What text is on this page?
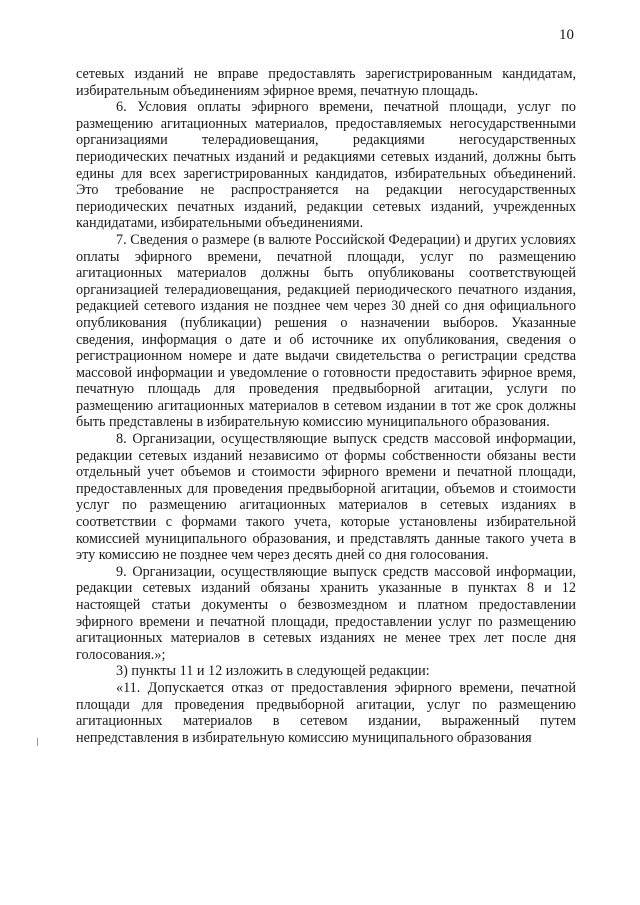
10

сетевых изданий не вправе предоставлять зарегистрированным кандидатам, избирательным объединениям эфирное время, печатную площадь.

6. Условия оплаты эфирного времени, печатной площади, услуг по размещению агитационных материалов, предоставляемых негосударственными организациями телерадиовещания, редакциями негосударственных периодических печатных изданий и редакциями сетевых изданий, должны быть едины для всех зарегистрированных кандидатов, избирательных объединений. Это требование не распространяется на редакции негосударственных периодических печатных изданий, редакции сетевых изданий, учрежденных кандидатами, избирательными объединениями.

7. Сведения о размере (в валюте Российской Федерации) и других условиях оплаты эфирного времени, печатной площади, услуг по размещению агитационных материалов должны быть опубликованы соответствующей организацией телерадиовещания, редакцией периодического печатного издания, редакцией сетевого издания не позднее чем через 30 дней со дня официального опубликования (публикации) решения о назначении выборов. Указанные сведения, информация о дате и об источнике их опубликования, сведения о регистрационном номере и дате выдачи свидетельства о регистрации средства массовой информации и уведомление о готовности предоставить эфирное время, печатную площадь для проведения предвыборной агитации, услуги по размещению агитационных материалов в сетевом издании в тот же срок должны быть представлены в избирательную комиссию муниципального образования.

8. Организации, осуществляющие выпуск средств массовой информации, редакции сетевых изданий независимо от формы собственности обязаны вести отдельный учет объемов и стоимости эфирного времени и печатной площади, предоставленных для проведения предвыборной агитации, объемов и стоимости услуг по размещению агитационных материалов в сетевых изданиях в соответствии с формами такого учета, которые установлены избирательной комиссией муниципального образования, и представлять данные такого учета в эту комиссию не позднее чем через десять дней со дня голосования.

9. Организации, осуществляющие выпуск средств массовой информации, редакции сетевых изданий обязаны хранить указанные в пунктах 8 и 12 настоящей статьи документы о безвозмездном и платном предоставлении эфирного времени и печатной площади, предоставлении услуг по размещению агитационных материалов в сетевых изданиях не менее трех лет после дня голосования.»;

3) пункты 11 и 12 изложить в следующей редакции:

«11. Допускается отказ от предоставления эфирного времени, печатной площади для проведения предвыборной агитации, услуг по размещению агитационных материалов в сетевом издании, выраженный путем непредставления в избирательную комиссию муниципального образования
